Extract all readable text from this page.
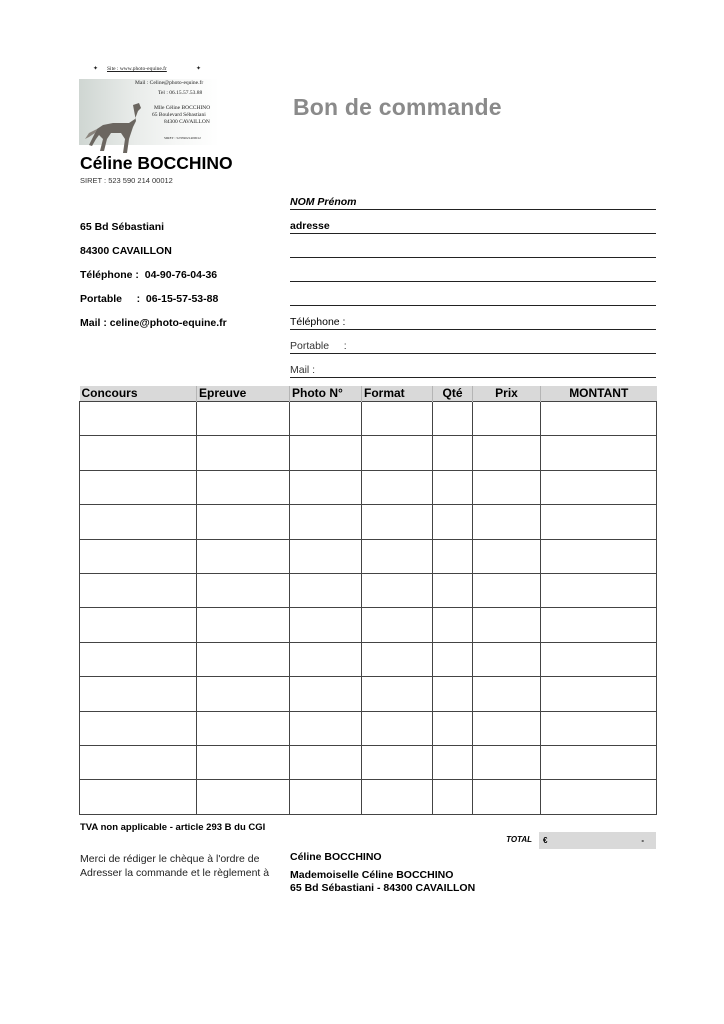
✦ Site : www.photo-equine.fr	✦
Mail : Celine@photo-equine.fr
Tel : 06.15.57.53.88
Mlle Céline BOCCHINO
65 Boulevard Sébastiani
84300 CAVAILLON
SIRET : 52359021400012
Bon de commande
Céline BOCCHINO
SIRET : 523 590 214 00012
65 Bd Sébastiani
84300 CAVAILLON
Téléphone :  04-90-76-04-36
Portable     :  06-15-57-53-88
Mail : celine@photo-equine.fr
NOM Prénom
adresse
Téléphone :
Portable     :
Mail :
Concours	Epreuve	Photo N°	Format	Qté	Prix	MONTANT

TVA non applicable - article 293 B du CGI
TOTAL €	-
Merci de rédiger le chèque à l'ordre de	Céline BOCCHINO
Adresser la commande et le règlement à Mademoiselle Céline BOCCHINO
65 Bd Sébastiani - 84300 CAVAILLON
